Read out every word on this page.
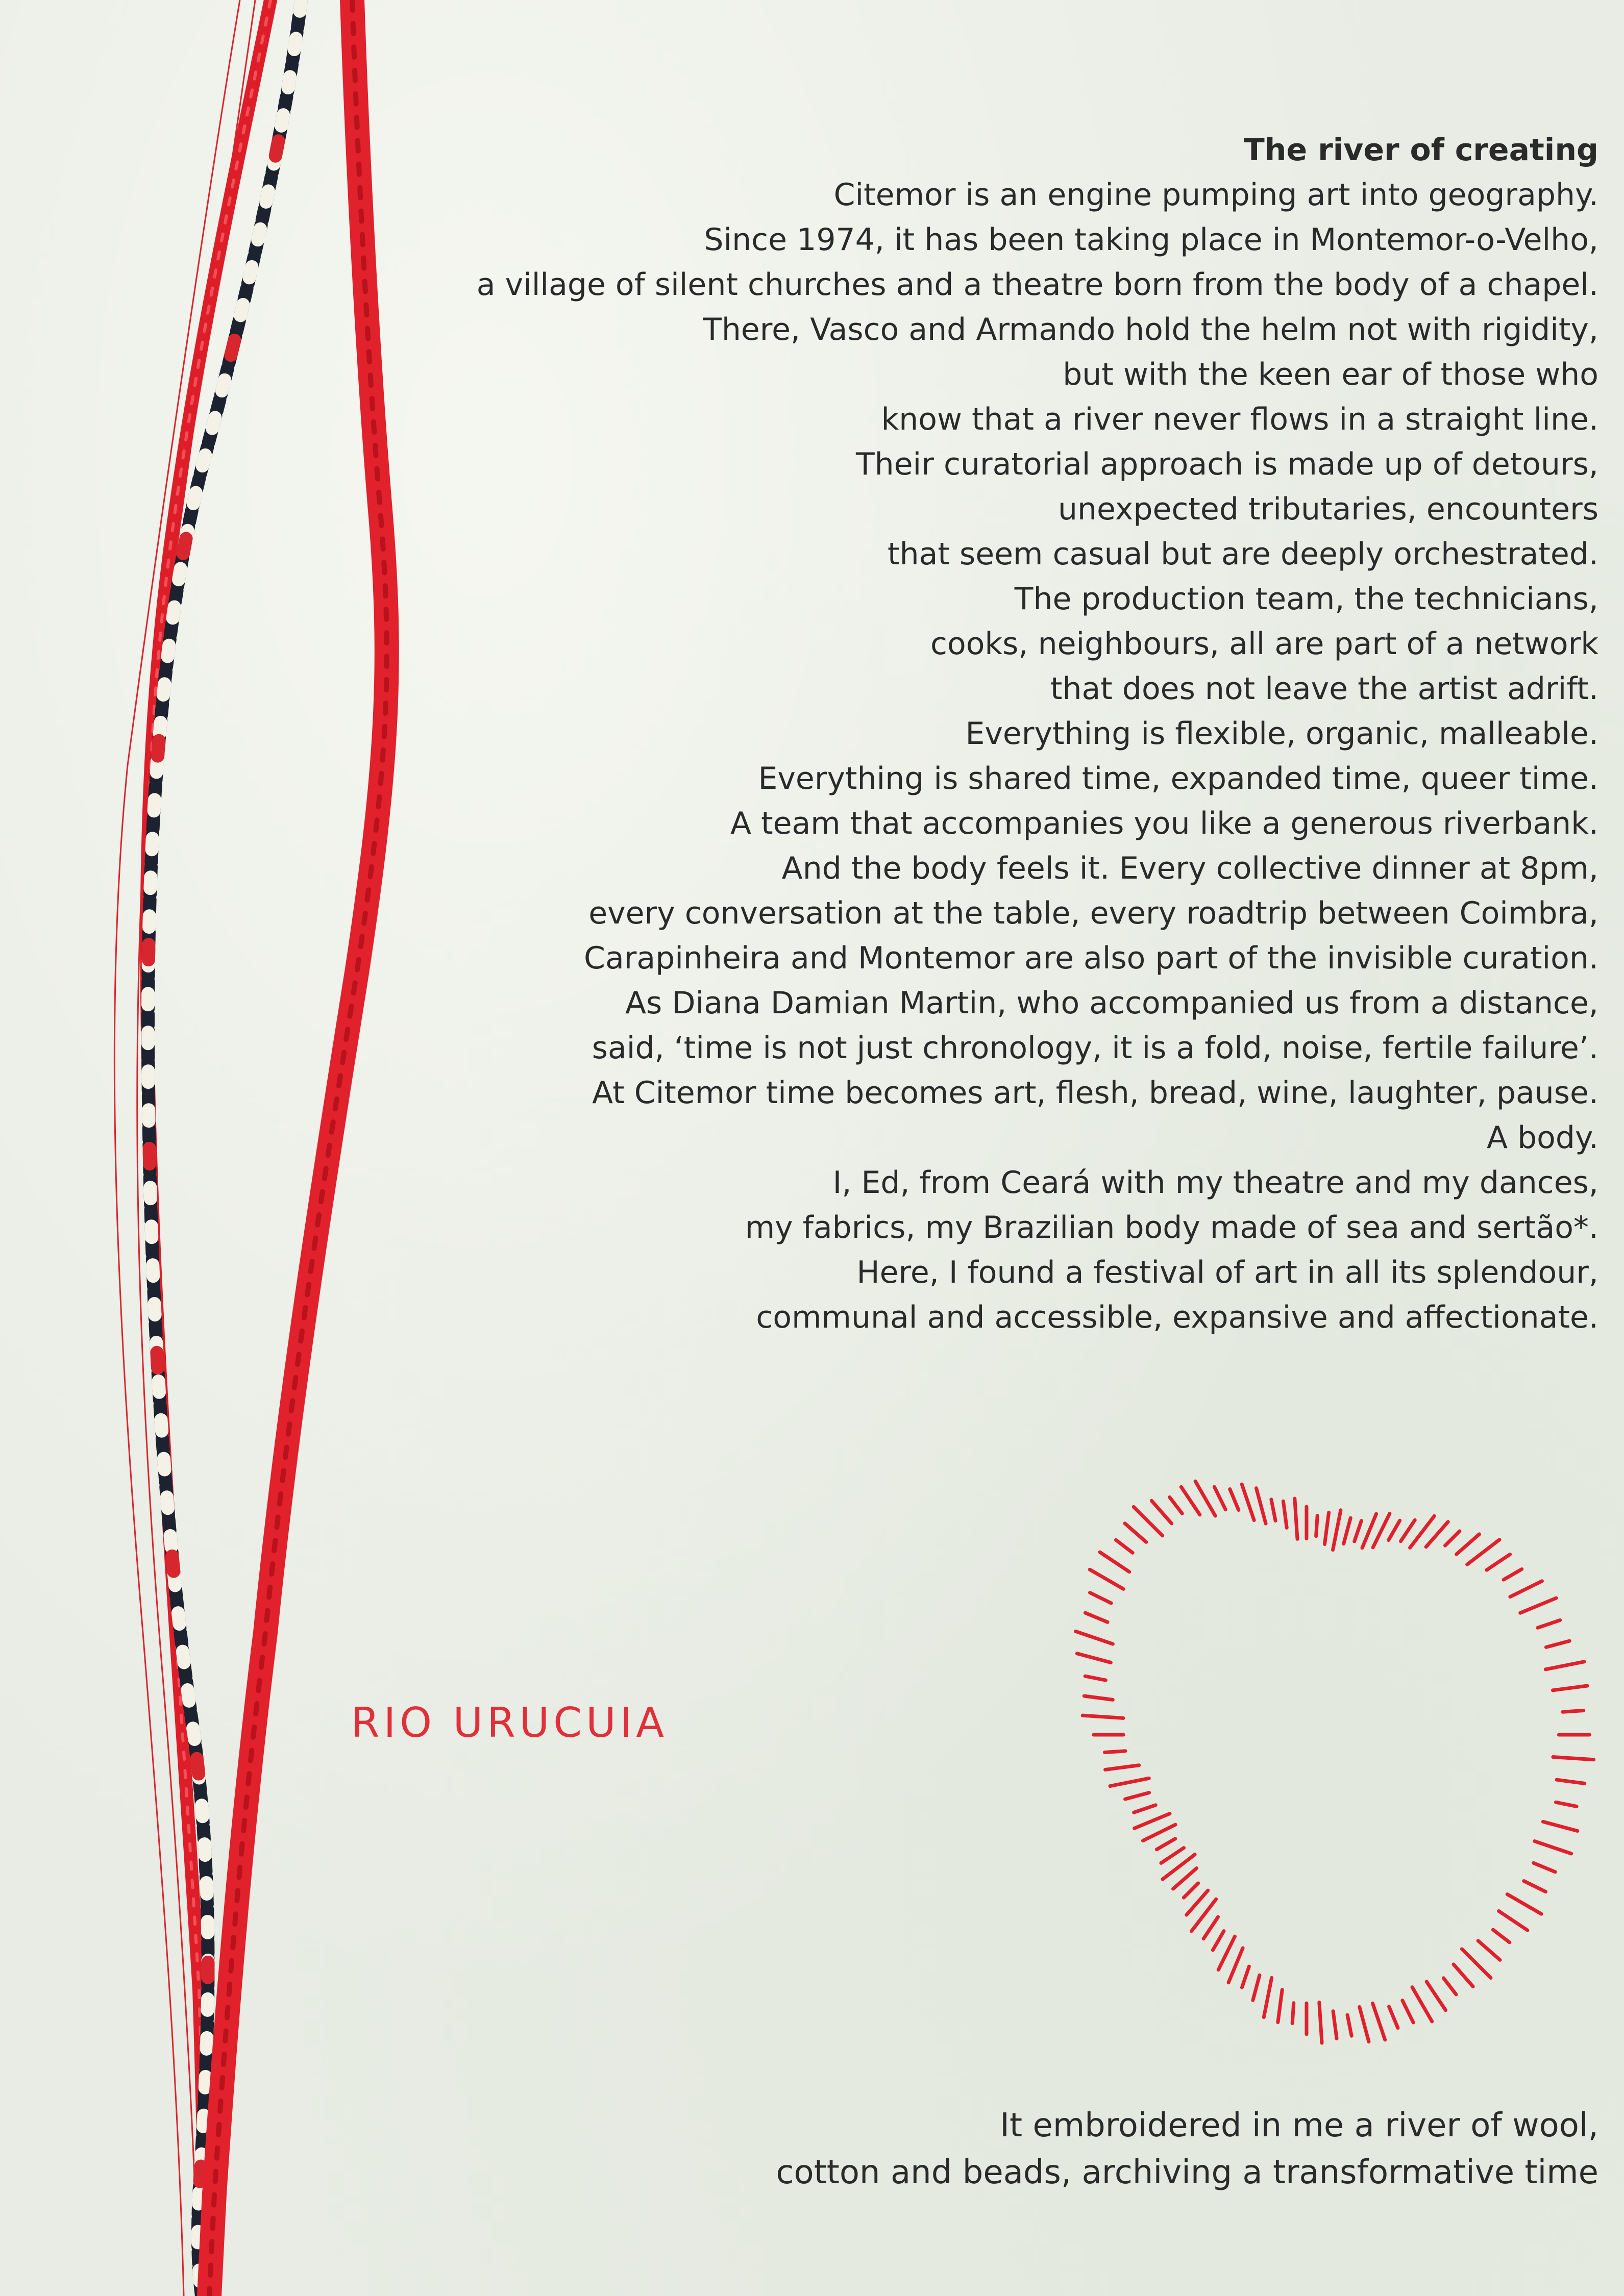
The river of creating
Citemor is an engine pumping art into geography.
Since 1974, it has been taking place in Montemor-o-Velho,
a village of silent churches and a theatre born from the body of a chapel.
There, Vasco and Armando hold the helm not with rigidity,
but with the keen ear of those who
know that a river never flows in a straight line.
Their curatorial approach is made up of detours,
unexpected tributaries, encounters
that seem casual but are deeply orchestrated.
The production team, the technicians,
cooks, neighbours, all are part of a network
that does not leave the artist adrift.
Everything is flexible, organic, malleable.
Everything is shared time, expanded time, queer time.
A team that accompanies you like a generous riverbank.
And the body feels it. Every collective dinner at 8pm,
every conversation at the table, every roadtrip between Coimbra,
Carapinheira and Montemor are also part of the invisible curation.
As Diana Damian Martin, who accompanied us from a distance,
said, ‘time is not just chronology, it is a fold, noise, fertile failure’.
At Citemor time becomes art, flesh, bread, wine, laughter, pause.
A body.
I, Ed, from Ceará with my theatre and my dances,
my fabrics, my Brazilian body made of sea and sertão*.
Here, I found a festival of art in all its splendour,
communal and accessible, expansive and affectionate.
RIO URUCUIA
It embroidered in me a river of wool,
cotton and beads, archiving a transformative time
